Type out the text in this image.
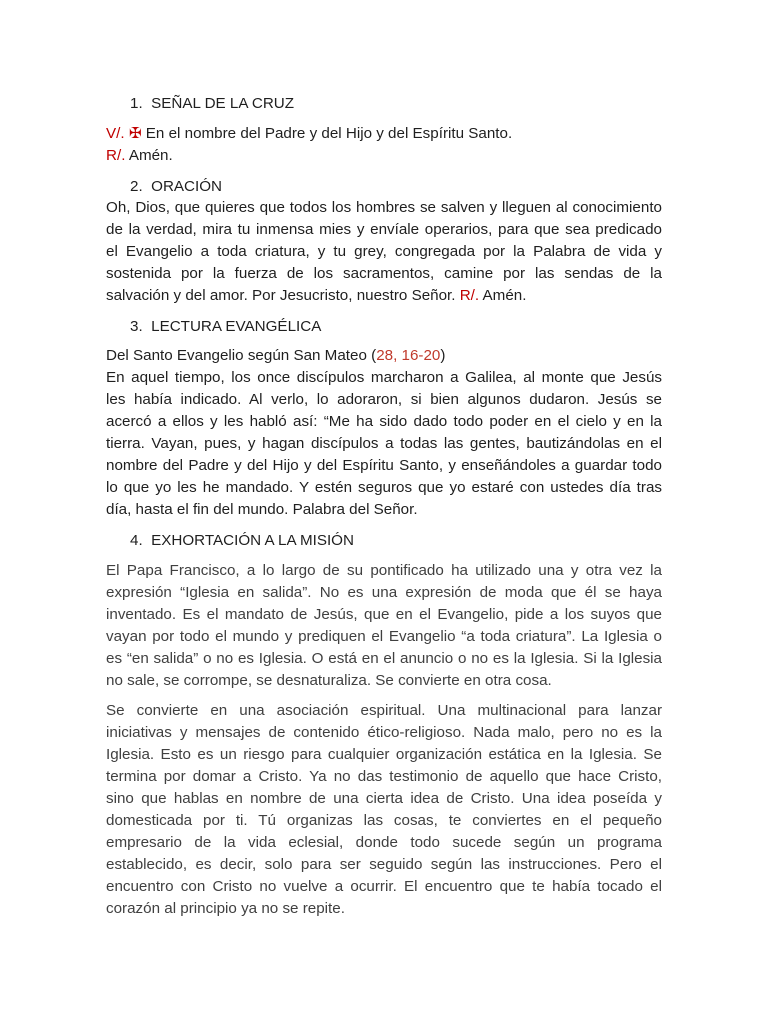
1. SEÑAL DE LA CRUZ
V/. ✠ En el nombre del Padre y del Hijo y del Espíritu Santo.
R/. Amén.
2. ORACIÓN
Oh, Dios, que quieres que todos los hombres se salven y lleguen al conocimiento
de la verdad, mira tu inmensa mies y envíale operarios, para que sea predicado
el Evangelio a toda criatura, y tu grey, congregada por la Palabra de vida y
sostenida por la fuerza de los sacramentos, camine por las sendas de la
salvación y del amor. Por Jesucristo, nuestro Señor. R/. Amén.
3. LECTURA EVANGÉLICA
Del Santo Evangelio según San Mateo (28, 16-20)
En aquel tiempo, los once discípulos marcharon a Galilea, al monte que Jesús
les había indicado. Al verlo, lo adoraron, si bien algunos dudaron. Jesús se
acercó a ellos y les habló así: “Me ha sido dado todo poder en el cielo y en la
tierra. Vayan, pues, y hagan discípulos a todas las gentes, bautizándolas en el
nombre del Padre y del Hijo y del Espíritu Santo, y enseñándoles a guardar todo
lo que yo les he mandado. Y estén seguros que yo estaré con ustedes día tras
día, hasta el fin del mundo. Palabra del Señor.
4. EXHORTACIÓN A LA MISIÓN
El Papa Francisco, a lo largo de su pontificado ha utilizado una y otra vez la
expresión “Iglesia en salida”. No es una expresión de moda que él se haya
inventado. Es el mandato de Jesús, que en el Evangelio, pide a los suyos que
vayan por todo el mundo y prediquen el Evangelio “a toda criatura”. La Iglesia o
es “en salida” o no es Iglesia. O está en el anuncio o no es la Iglesia. Si la Iglesia
no sale, se corrompe, se desnaturaliza. Se convierte en otra cosa.
Se convierte en una asociación espiritual. Una multinacional para lanzar
iniciativas y mensajes de contenido ético-religioso. Nada malo, pero no es la
Iglesia. Esto es un riesgo para cualquier organización estática en la Iglesia. Se
termina por domar a Cristo. Ya no das testimonio de aquello que hace Cristo,
sino que hablas en nombre de una cierta idea de Cristo. Una idea poseída y
domesticada por ti. Tú organizas las cosas, te conviertes en el pequeño
empresario de la vida eclesial, donde todo sucede según un programa
establecido, es decir, solo para ser seguido según las instrucciones. Pero el
encuentro con Cristo no vuelve a ocurrir. El encuentro que te había tocado el
corazón al principio ya no se repite.
